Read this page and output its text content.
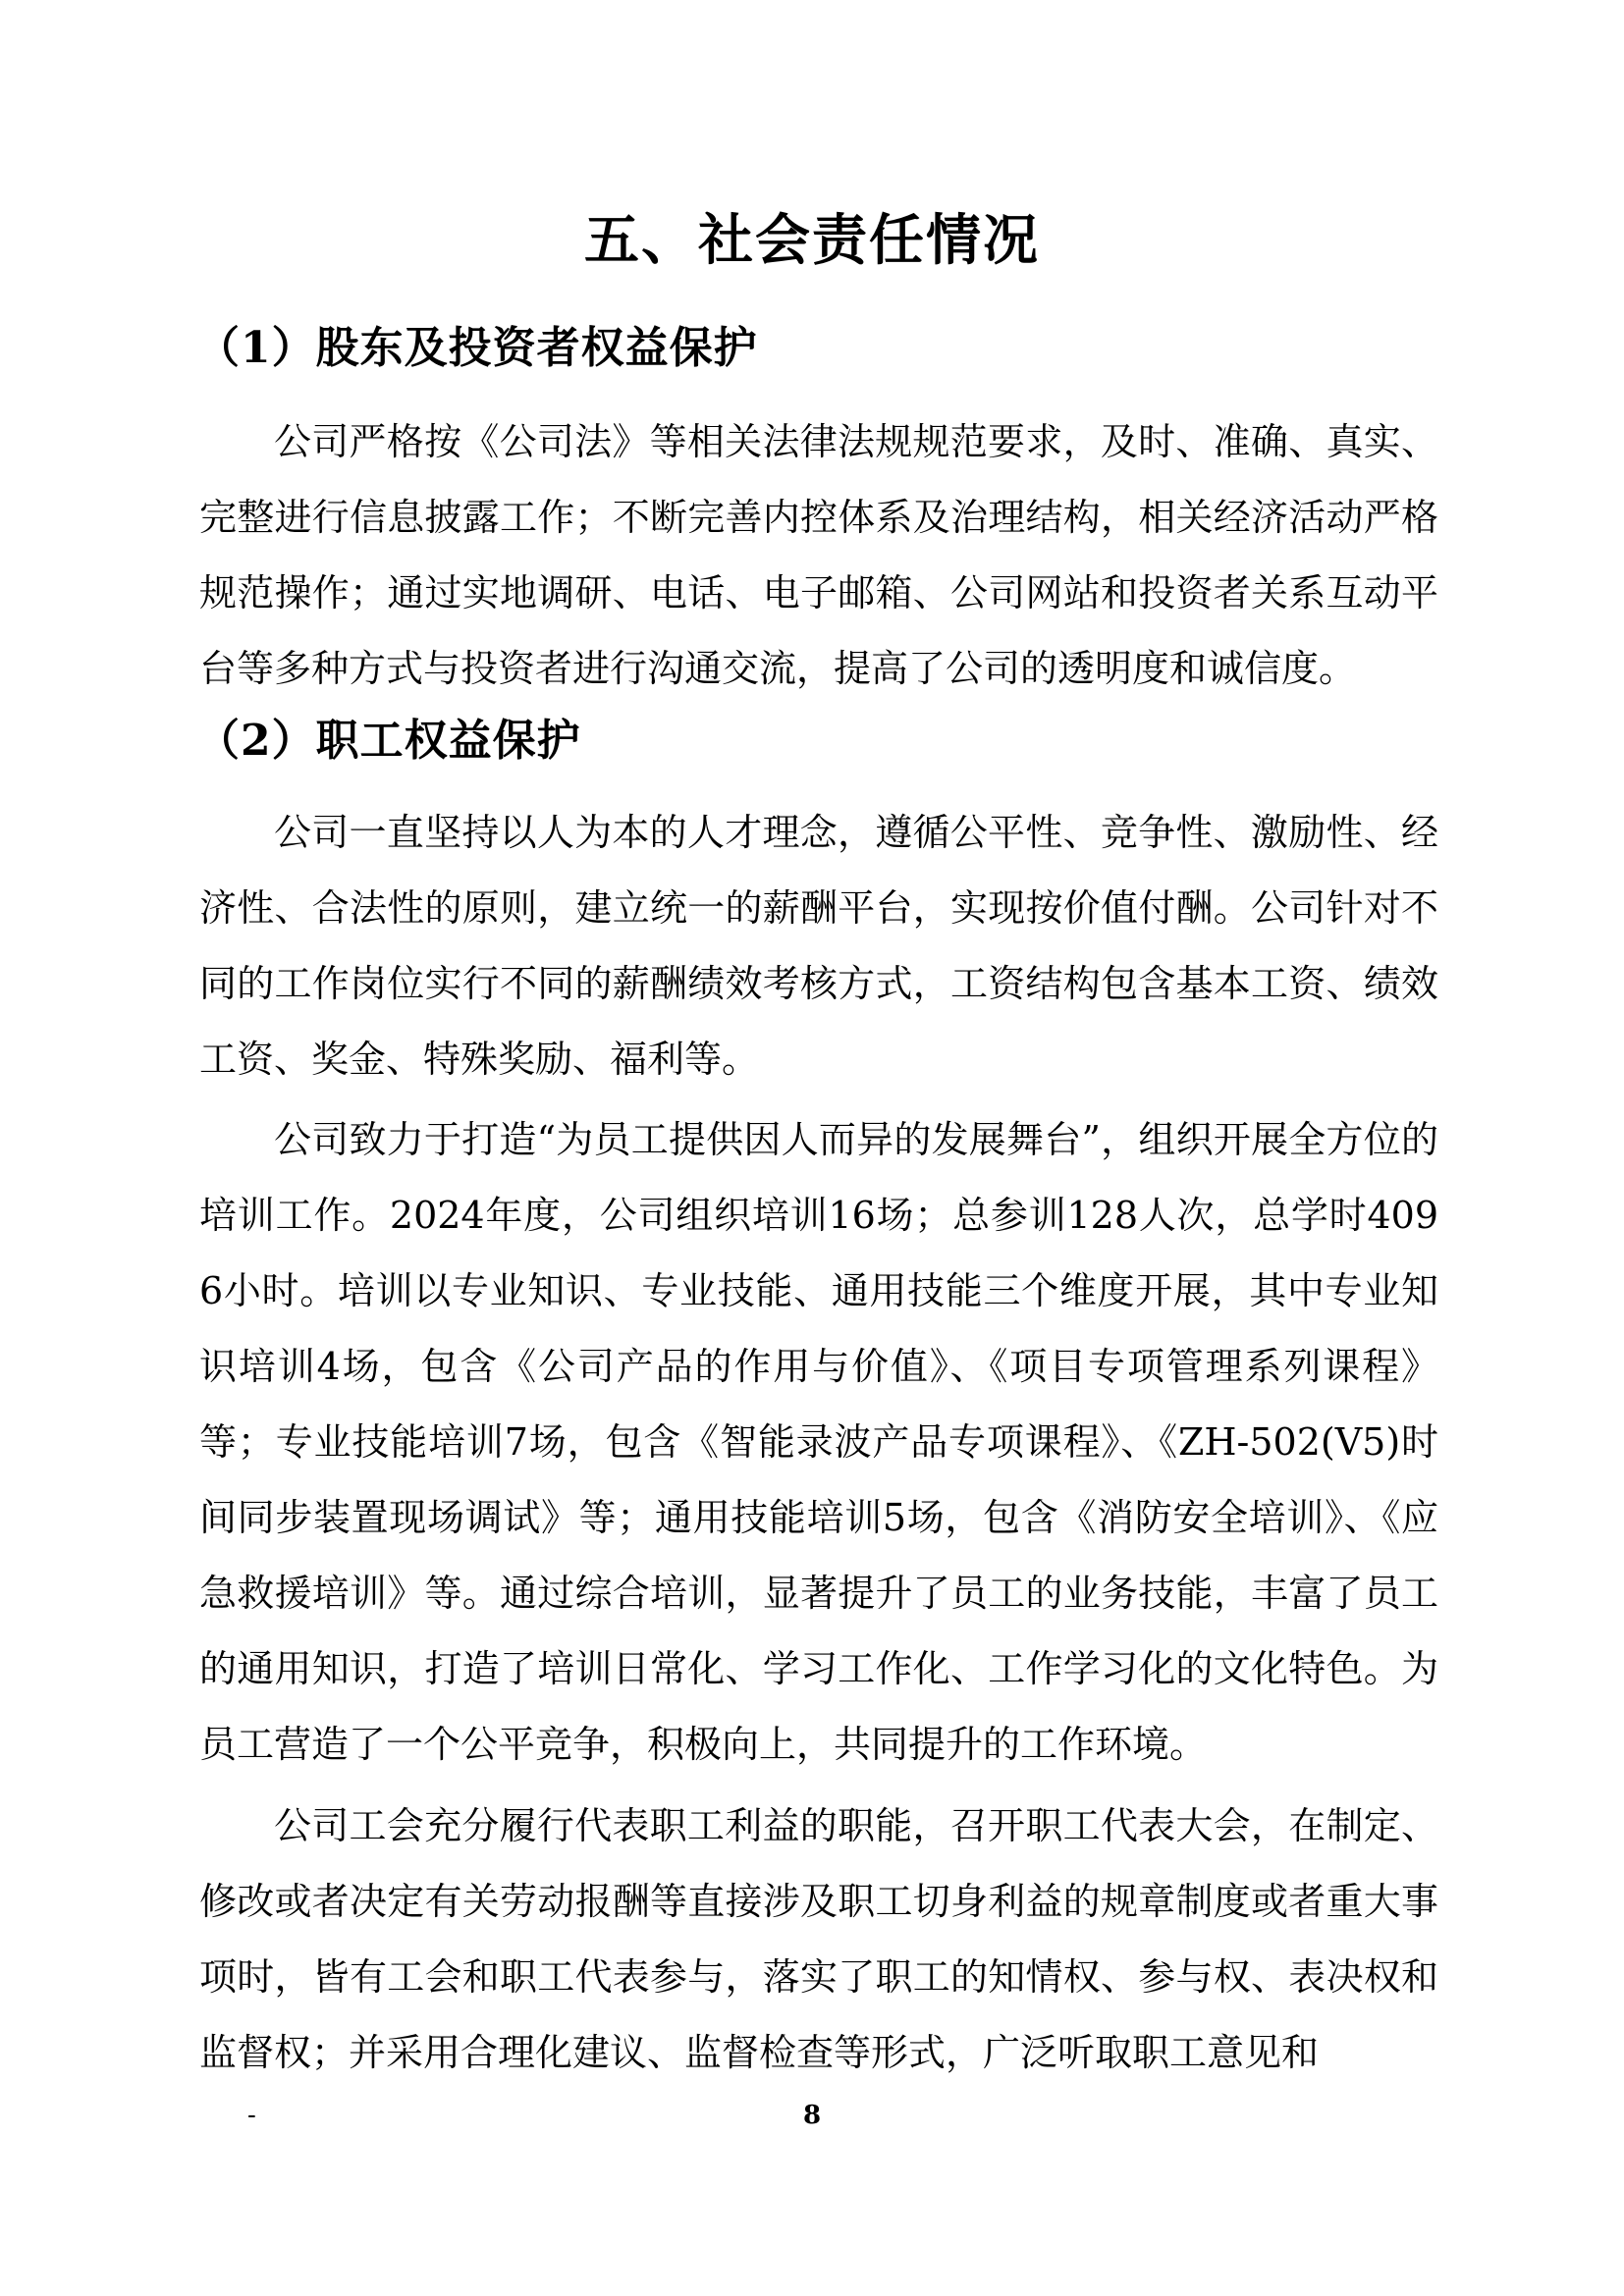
五、社会责任情况
（1）股东及投资者权益保护
公司严格按《公司法》等相关法律法规规范要求，及时、准确、真实、完整进行信息披露工作；不断完善内控体系及治理结构，相关经济活动严格规范操作；通过实地调研、电话、电子邮箱、公司网站和投资者关系互动平台等多种方式与投资者进行沟通交流，提高了公司的透明度和诚信度。
（2）职工权益保护
公司一直坚持以人为本的人才理念，遵循公平性、竞争性、激励性、经济性、合法性的原则，建立统一的薪酬平台，实现按价值付酬。公司针对不同的工作岗位实行不同的薪酬绩效考核方式，工资结构包含基本工资、绩效工资、奖金、特殊奖励、福利等。
公司致力于打造“为员工提供因人而异的发展舞台”，组织开展全方位的培训工作。2024年度，公司组织培训16场；总参训128人次，总学时4096小时。培训以专业知识、专业技能、通用技能三个维度开展，其中专业知识培训4场，包含《公司产品的作用与价值》、《项目专项管理系列课程》等；专业技能培训7场，包含《智能录波产品专项课程》、《ZH-502(V5)时间同步装置现场调试》等；通用技能培训5场，包含《消防安全培训》、《应急救援培训》等。通过综合培训，显著提升了员工的业务技能，丰富了员工的通用知识，打造了培训日常化、学习工作化、工作学习化的文化特色。为员工营造了一个公平竞争，积极向上，共同提升的工作环境。
公司工会充分履行代表职工利益的职能，召开职工代表大会，在制定、修改或者决定有关劳动报酬等直接涉及职工切身利益的规章制度或者重大事项时，皆有工会和职工代表参与，落实了职工的知情权、参与权、表决权和监督权；并采用合理化建议、监督检查等形式，广泛听取职工意见和
-	8
